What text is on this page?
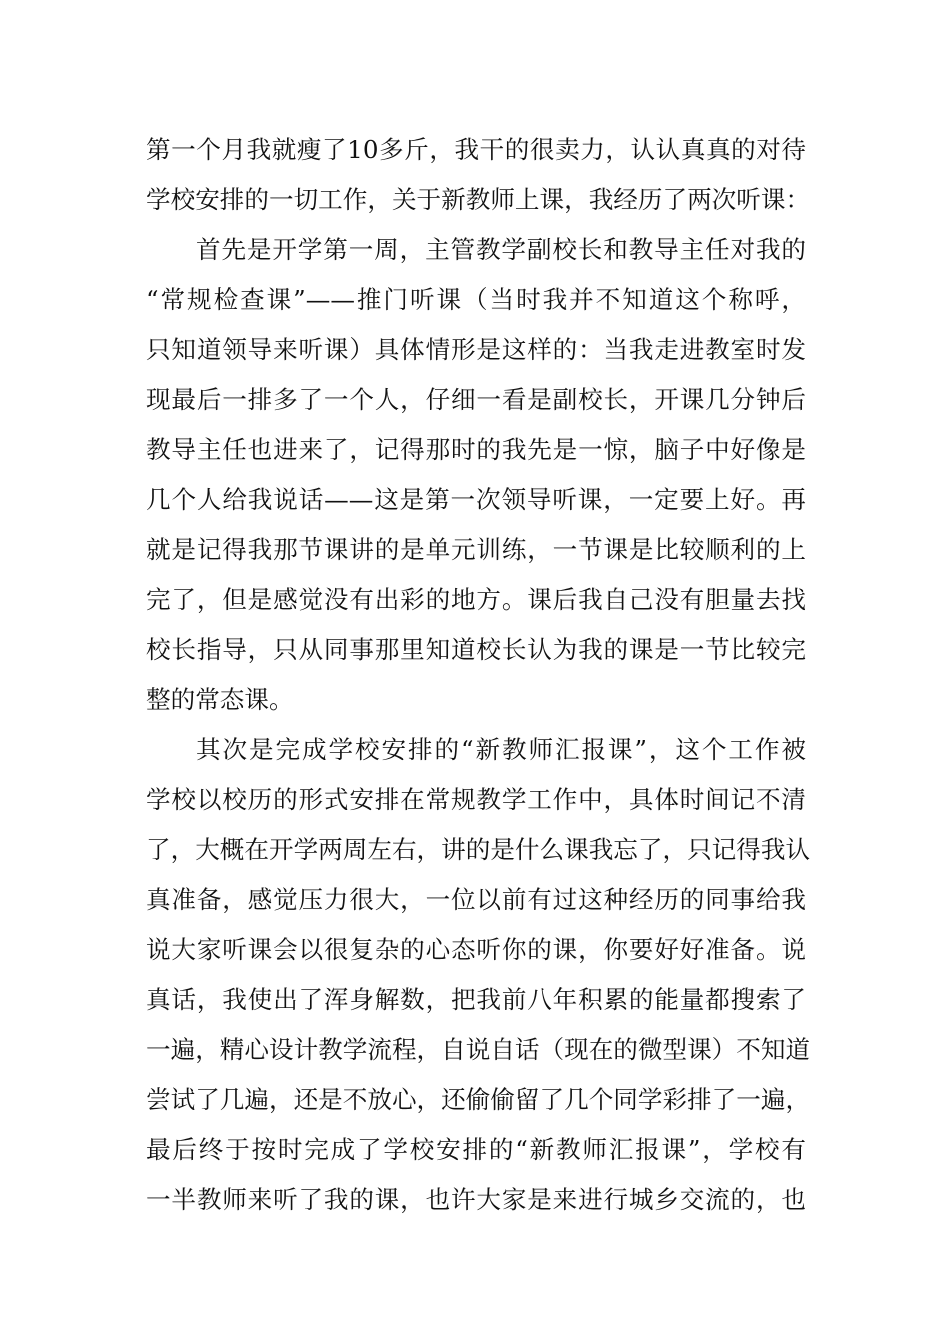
第一个月我就瘦了10多斤，我干的很卖力，认认真真的对待
学校安排的一切工作，关于新教师上课，我经历了两次听课：
首先是开学第一周，主管教学副校长和教导主任对我的
“常规检查课”——推门听课（当时我并不知道这个称呼，
只知道领导来听课）具体情形是这样的：当我走进教室时发
现最后一排多了一个人，仔细一看是副校长，开课几分钟后
教导主任也进来了，记得那时的我先是一惊，脑子中好像是
几个人给我说话——这是第一次领导听课，一定要上好。再
就是记得我那节课讲的是单元训练，一节课是比较顺利的上
完了，但是感觉没有出彩的地方。课后我自己没有胆量去找
校长指导，只从同事那里知道校长认为我的课是一节比较完
整的常态课。
其次是完成学校安排的“新教师汇报课”，这个工作被
学校以校历的形式安排在常规教学工作中，具体时间记不清
了，大概在开学两周左右，讲的是什么课我忘了，只记得我认
真准备，感觉压力很大，一位以前有过这种经历的同事给我
说大家听课会以很复杂的心态听你的课，你要好好准备。说
真话，我使出了浑身解数，把我前八年积累的能量都搜索了
一遍，精心设计教学流程，自说自话（现在的微型课）不知道
尝试了几遍，还是不放心，还偷偷留了几个同学彩排了一遍，
最后终于按时完成了学校安排的“新教师汇报课”，学校有
一半教师来听了我的课，也许大家是来进行城乡交流的，也
